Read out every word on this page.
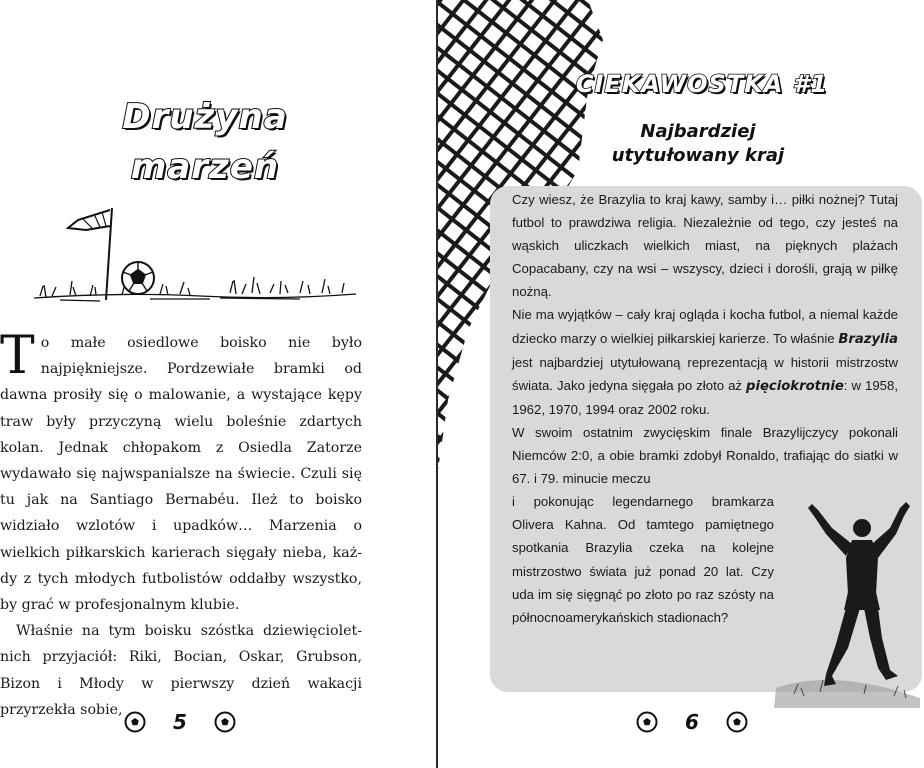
Drużyna
marzeń

To małe osiedlowe boisko nie było najpiękniejsze. Pordzewiałe bramki od dawna prosiły się o malowanie, a wystające kępy traw były przyczyną wielu boleśnie zdartych kolan. Jednak chłopakom z Osiedla Zatorze wydawało się najwspanialsze na świecie. Czuli się tu jak na Santiago Bernabéu. Ileż to boisko widziało wzlotów i upadków… Marzenia o wielkich piłkarskich karierach sięgały nieba, każdy z tych młodych futbolistów oddałby wszystko, by grać w profesjonalnym klubie.

Właśnie na tym boisku szóstka dziewięcioletnich przyjaciół: Riki, Bocian, Oskar, Grubson, Bizon i Młody w pierwszy dzień wakacji przyrzekła sobie,

5
CIEKAWOSTKA #1
Najbardziej
utytułowany kraj

Czy wiesz, że Brazylia to kraj kawy, samby i… piłki nożnej? Tutaj futbol to prawdziwa religia. Niezależnie od tego, czy jesteś na wąskich uliczkach wielkich miast, na pięknych plażach Copacabany, czy na wsi – wszyscy, dzieci i dorośli, grają w piłkę nożną.

Nie ma wyjątków – cały kraj ogląda i kocha futbol, a niemal każde dziecko marzy o wielkiej piłkarskiej karierze. To właśnie Brazylia jest najbardziej utytułowaną reprezentacją w historii mistrzostw świata. Jako jedyna sięgała po złoto aż pięciokrotnie: w 1958, 1962, 1970, 1994 oraz 2002 roku.

W swoim ostatnim zwycięskim finale Brazylijczycy pokonali Niemców 2:0, a obie bramki zdobył Ronaldo, trafiając do siatki w 67. i 79. minucie meczu

i pokonując legendarnego bramkarza Olivera Kahna. Od tamtego pamiętnego spotkania Brazylia czeka na kolejne mistrzostwo świata już ponad 20 lat. Czy uda im się sięgnąć po złoto po raz szósty na północnoamerykańskich stadionach?

6
